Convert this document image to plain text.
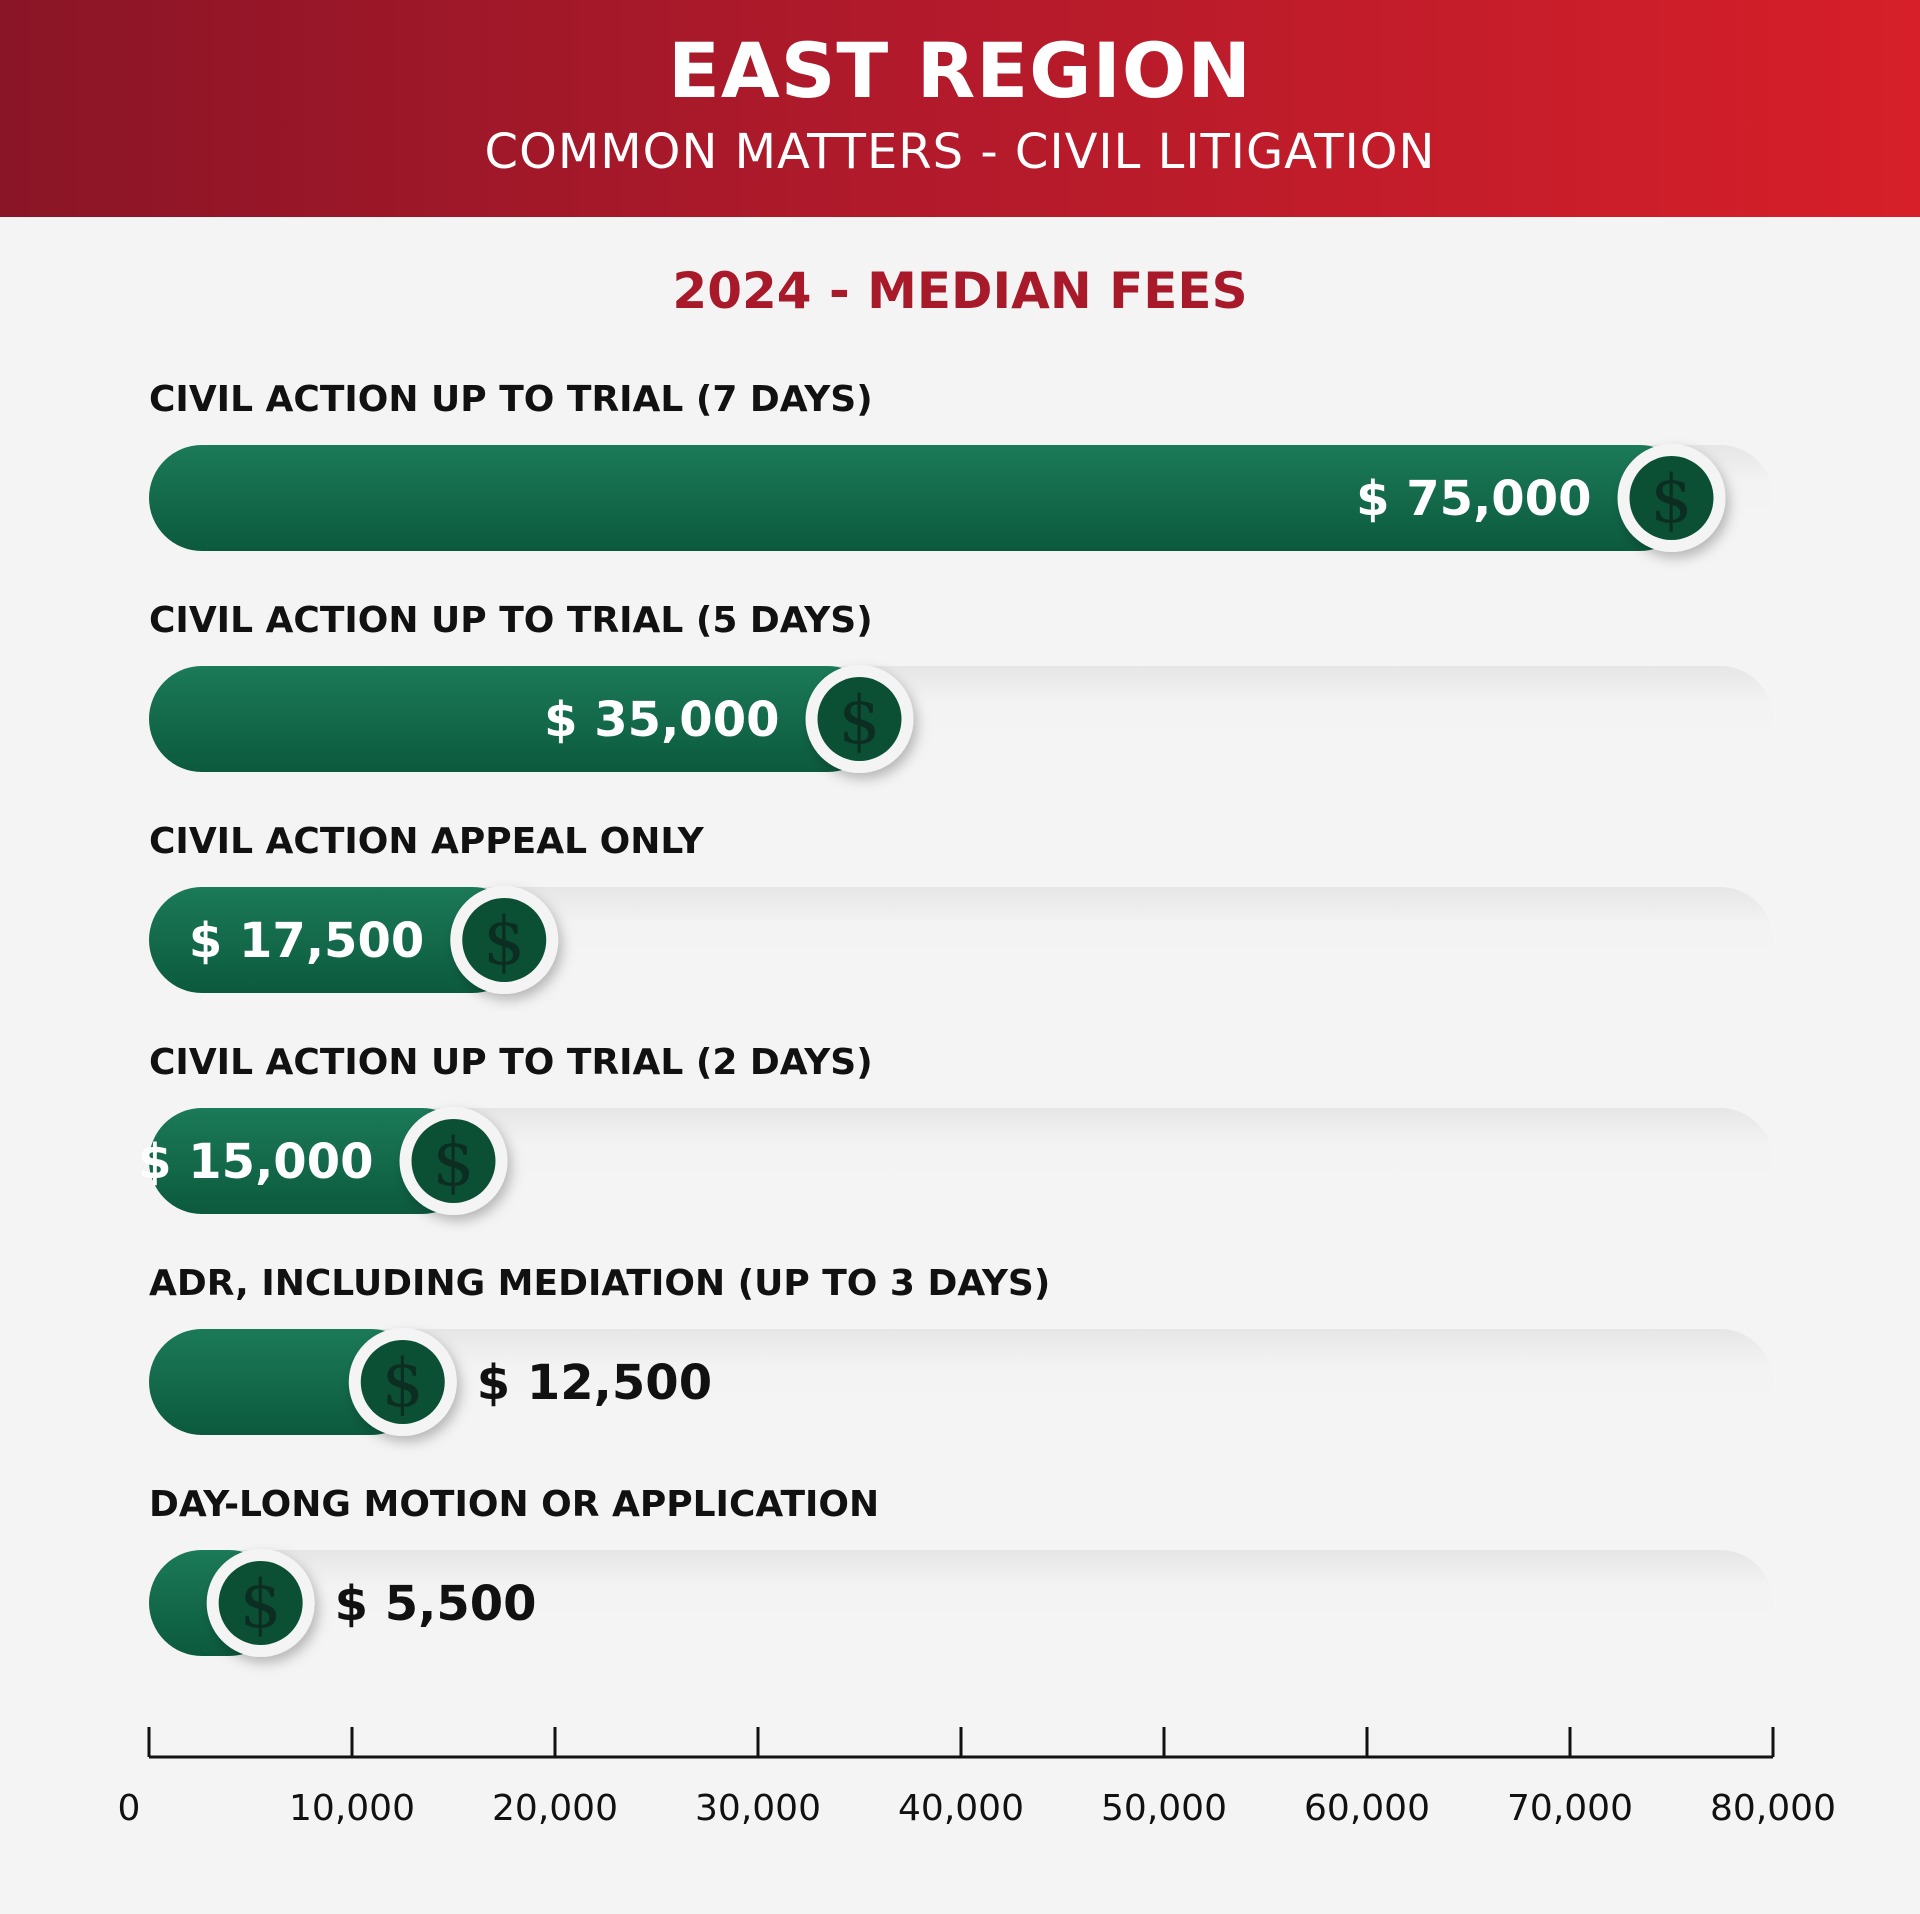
EAST REGION
COMMON MATTERS - CIVIL LITIGATION
2024 - MEDIAN FEES
CIVIL ACTION UP TO TRIAL (7 DAYS)
$
$ 75,000
CIVIL ACTION UP TO TRIAL (5 DAYS)
$
$ 35,000
CIVIL ACTION APPEAL ONLY
$
$ 17,500
CIVIL ACTION UP TO TRIAL (2 DAYS)
$
$ 15,000
ADR, INCLUDING MEDIATION (UP TO 3 DAYS)
$ $ 12,500
DAY-LONG MOTION OR APPLICATION
$ $ 5,500
0	10,000 20,000 30,000 40,000 50,000 60,000 70,000 80,000
